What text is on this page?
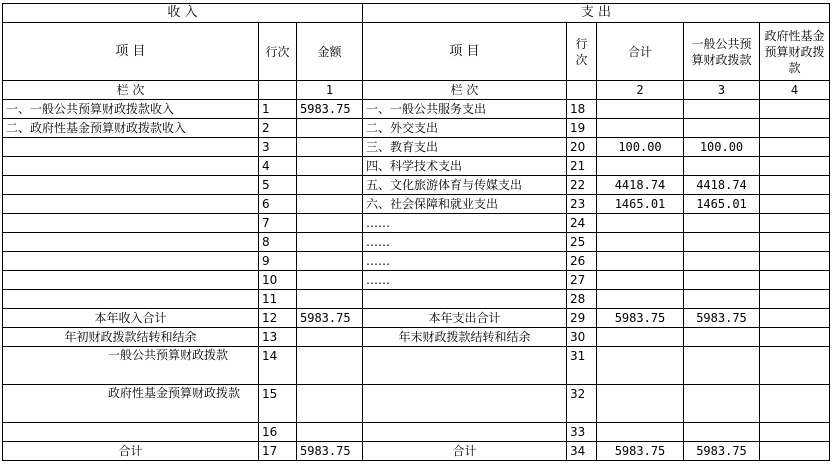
收 入			支 出				
项 目	行次	金额	项 目	行次	合计	一般公共预算财政拨款	政府性基金预算财政拨款
栏 次		1	栏 次		2	3	4
一、一般公共预算财政拨款收入	1	5983.75	一、一般公共服务支出	18			
二、政府性基金预算财政拨款收入	2		二、外交支出	19			
	3		三、教育支出	20	100.00	100.00	
	4		四、科学技术支出	21			
	5		五、文化旅游体育与传媒支出	22	4418.74	4418.74	
	6		六、社会保障和就业支出	23	1465.01	1465.01	
	7		……	24			
	8		……	25			
	9		……	26			
	10		……	27			
	11			28			
本年收入合计	12	5983.75	本年支出合计	29	5983.75	5983.75	
年初财政拨款结转和结余	13		年末财政拨款结转和结余	30			
一般公共预算财政拨款	14			31			
政府性基金预算财政拨款	15			32			
	16			33			
合计	17	5983.75	合计	34	5983.75	5983.75	
